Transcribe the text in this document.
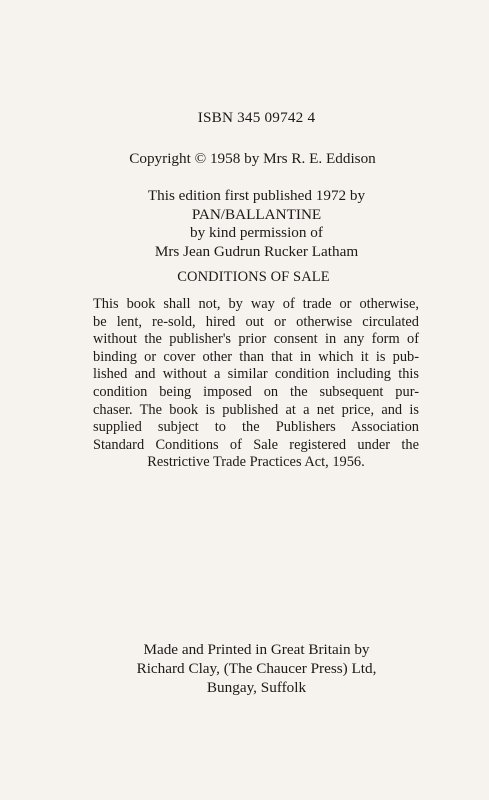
ISBN 345 09742 4
Copyright © 1958 by Mrs R. E. Eddison
This edition first published 1972 by
PAN/BALLANTINE
by kind permission of
Mrs Jean Gudrun Rucker Latham
CONDITIONS OF SALE
This book shall not, by way of trade or otherwise,
be lent, re-sold, hired out or otherwise circulated
without the publisher's prior consent in any form of
binding or cover other than that in which it is pub-
lished and without a similar condition including this
condition being imposed on the subsequent pur-
chaser. The book is published at a net price, and is
supplied subject to the Publishers Association
Standard Conditions of Sale registered under the
Restrictive Trade Practices Act, 1956.
Made and Printed in Great Britain by
Richard Clay, (The Chaucer Press) Ltd,
Bungay, Suffolk
